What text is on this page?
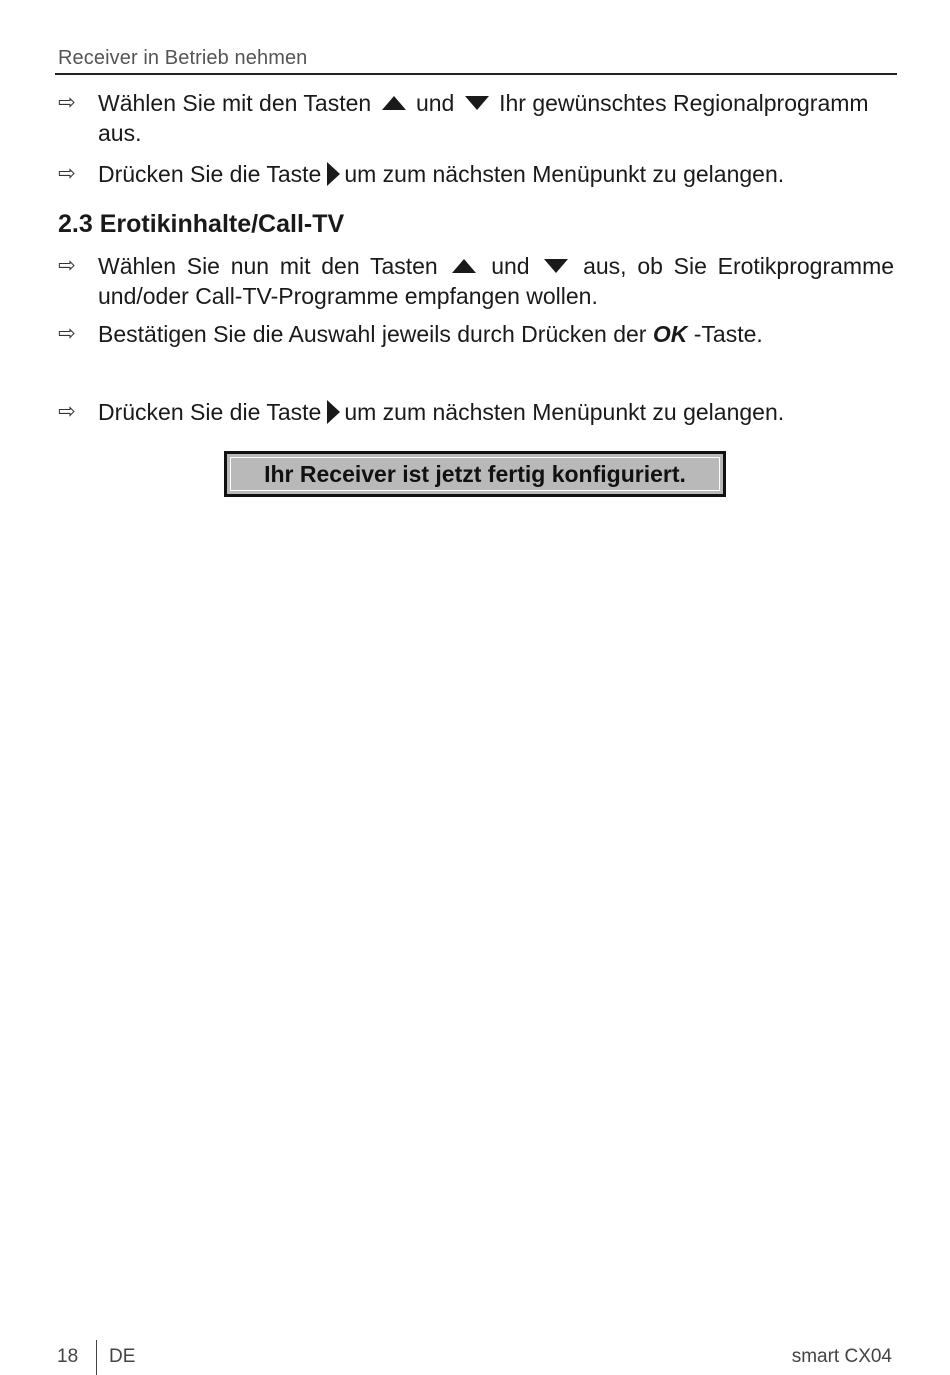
Receiver in Betrieb nehmen
⇨ Wählen Sie mit den Tasten und Ihr gewünschtes Regionalprogramm aus.
⇨ Drücken Sie die Taste um zum nächsten Menüpunkt zu gelangen.
2.3 Erotikinhalte/Call-TV
⇨ Wählen Sie nun mit den Tasten und aus, ob Sie Erotikprogramme und/oder Call-TV-Programme empfangen wollen.
⇨ Bestätigen Sie die Auswahl jeweils durch Drücken der OK -Taste.
⇨ Drücken Sie die Taste um zum nächsten Menüpunkt zu gelangen.
Ihr Receiver ist jetzt fertig konfiguriert.
18 DE	smart CX04
